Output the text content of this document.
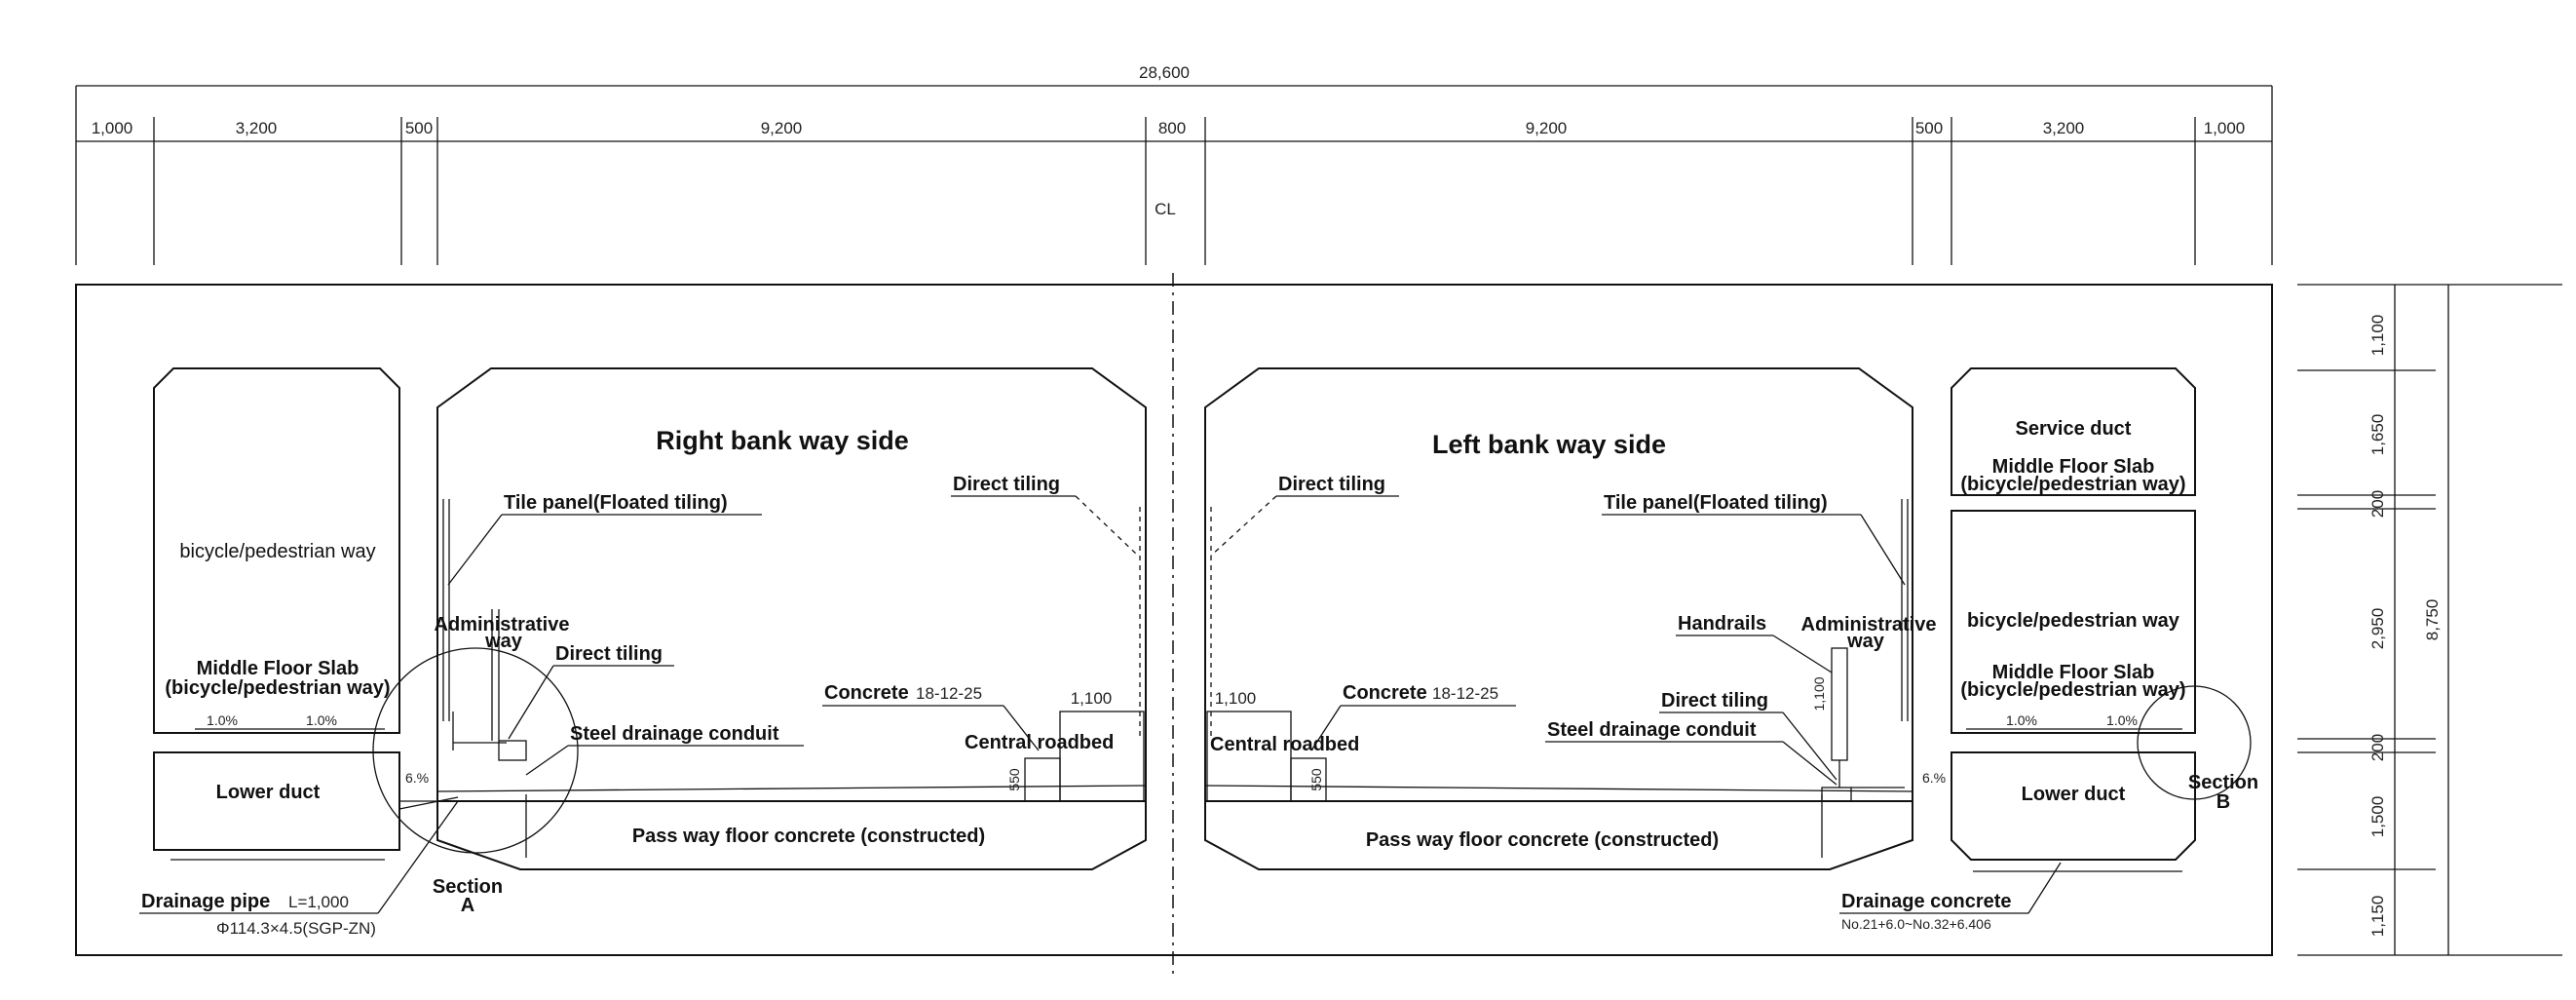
28,600
1,000	3,200	500	9,200	800	9,200	500	3,200	1,000
CL
1,100
1,650
200
2,950
200
1,500
1,150
8,750
bicycle/pedestrian way
Middle Floor Slab
(bicycle/pedestrian way)
1.0%	1.0%
Lower duct
6.%
Right bank way side
Tile panel(Floated tiling)
Direct tiling
Administrative
way
Direct tiling
Concrete 18-12-25	1,100
Steel drainage conduit	Central roadbed
550
Pass way floor concrete (constructed)
Section
A
Drainage pipe L=1,000
Φ114.3×4.5(SGP-ZN)
Left bank way side
Direct tiling
Tile panel(Floated tiling)
Handrails Administrative
way
1,100	Concrete 18-12-25	1,100
Direct tiling
Steel drainage conduit
Central roadbed
550
Pass way floor concrete (constructed)
Service duct
Middle Floor Slab
(bicycle/pedestrian way)
bicycle/pedestrian way
Middle Floor Slab
(bicycle/pedestrian way)
1.0%	1.0%
Lower duct
6.%	Section
B
Drainage concrete
No.21+6.0~No.32+6.406
